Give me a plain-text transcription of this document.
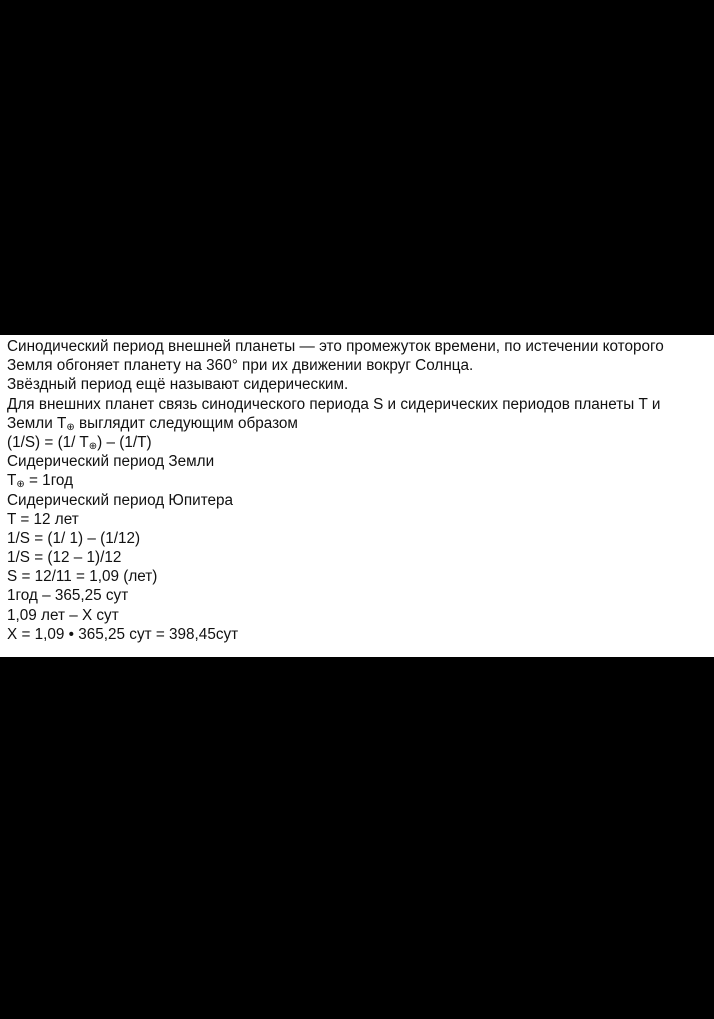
Синодический период внешней планеты — это промежуток времени, по истечении которого
Земля обгоняет планету на 360° при их движении вокруг Солнца.
Звёздный период ещё называют сидерическим.
Для внешних планет связь синодического периода S и сидерических периодов планеты T и
Земли $T_\oplus$ выглядит следующим образом
(1/S) = (1/ $T_\oplus) - (1/T)$
Сидерический период Земли
$T_\oplus = 1год$
Сидерический период Юпитера
T = 12 лет
1/S = (1/ 1) – (1/12)
1/S = (12 – 1)/12
S = 12/11 = 1,09 (лет)
1год – 365,25 сут
1,09 лет – X сут
X = 1,09 • 365,25 сут = 398,45сут
